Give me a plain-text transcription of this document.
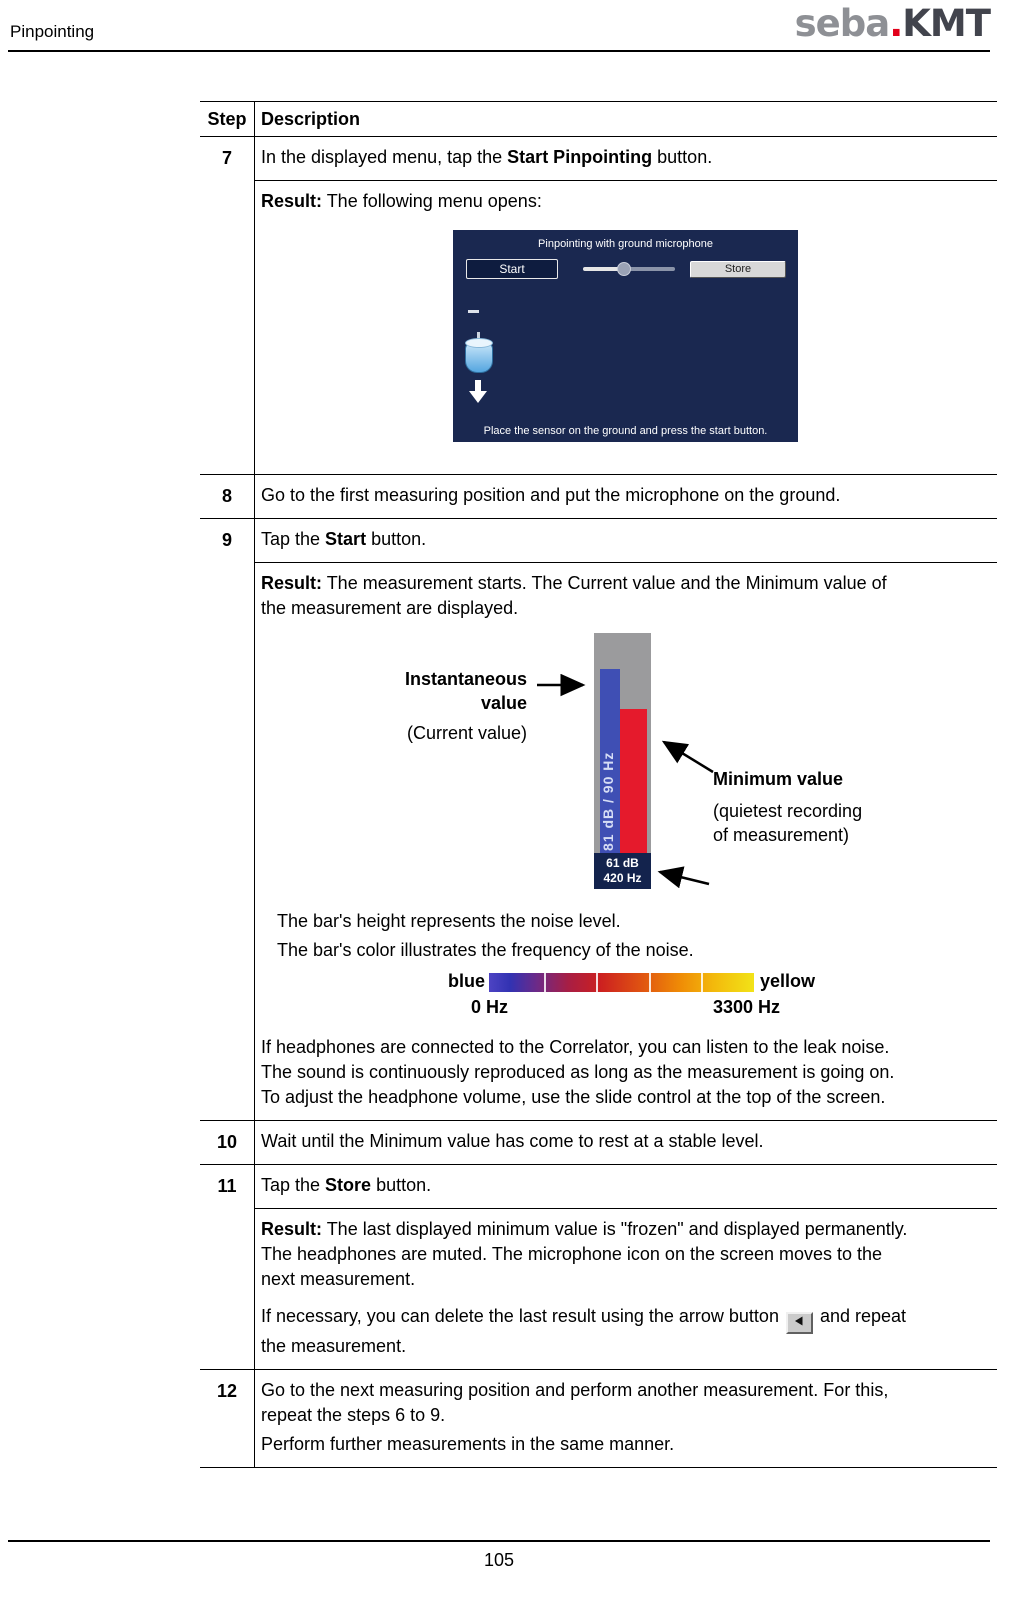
Pinpointing	seba.KMT
Step Description
7	In the displayed menu, tap the Start Pinpointing button.
Result: The following menu opens:
Pinpointing with ground microphone
Start	Store
Place the sensor on the ground and press the start button.
8	Go to the first measuring position and put the microphone on the ground.
9	Tap the Start button.
Result: The measurement starts. The Current value and the Minimum value of
the measurement are displayed.
Instantaneous
value
(Current value)
81 dB / 90 Hz
61 dB
420 Hz
Minimum value
(quietest recording
of measurement)
The bar's height represents the noise level.
The bar's color illustrates the frequency of the noise.
blue	yellow
0 Hz	3300 Hz
If headphones are connected to the Correlator, you can listen to the leak noise.
The sound is continuously reproduced as long as the measurement is going on.
To adjust the headphone volume, use the slide control at the top of the screen.
10	Wait until the Minimum value has come to rest at a stable level.
11	Tap the Store button.
Result: The last displayed minimum value is "frozen" and displayed permanently.
The headphones are muted. The microphone icon on the screen moves to the
next measurement.
If necessary, you can delete the last result using the arrow button and repeat
the measurement.
12	Go to the next measuring position and perform another measurement. For this,
repeat the steps 6 to 9.
Perform further measurements in the same manner.
105
